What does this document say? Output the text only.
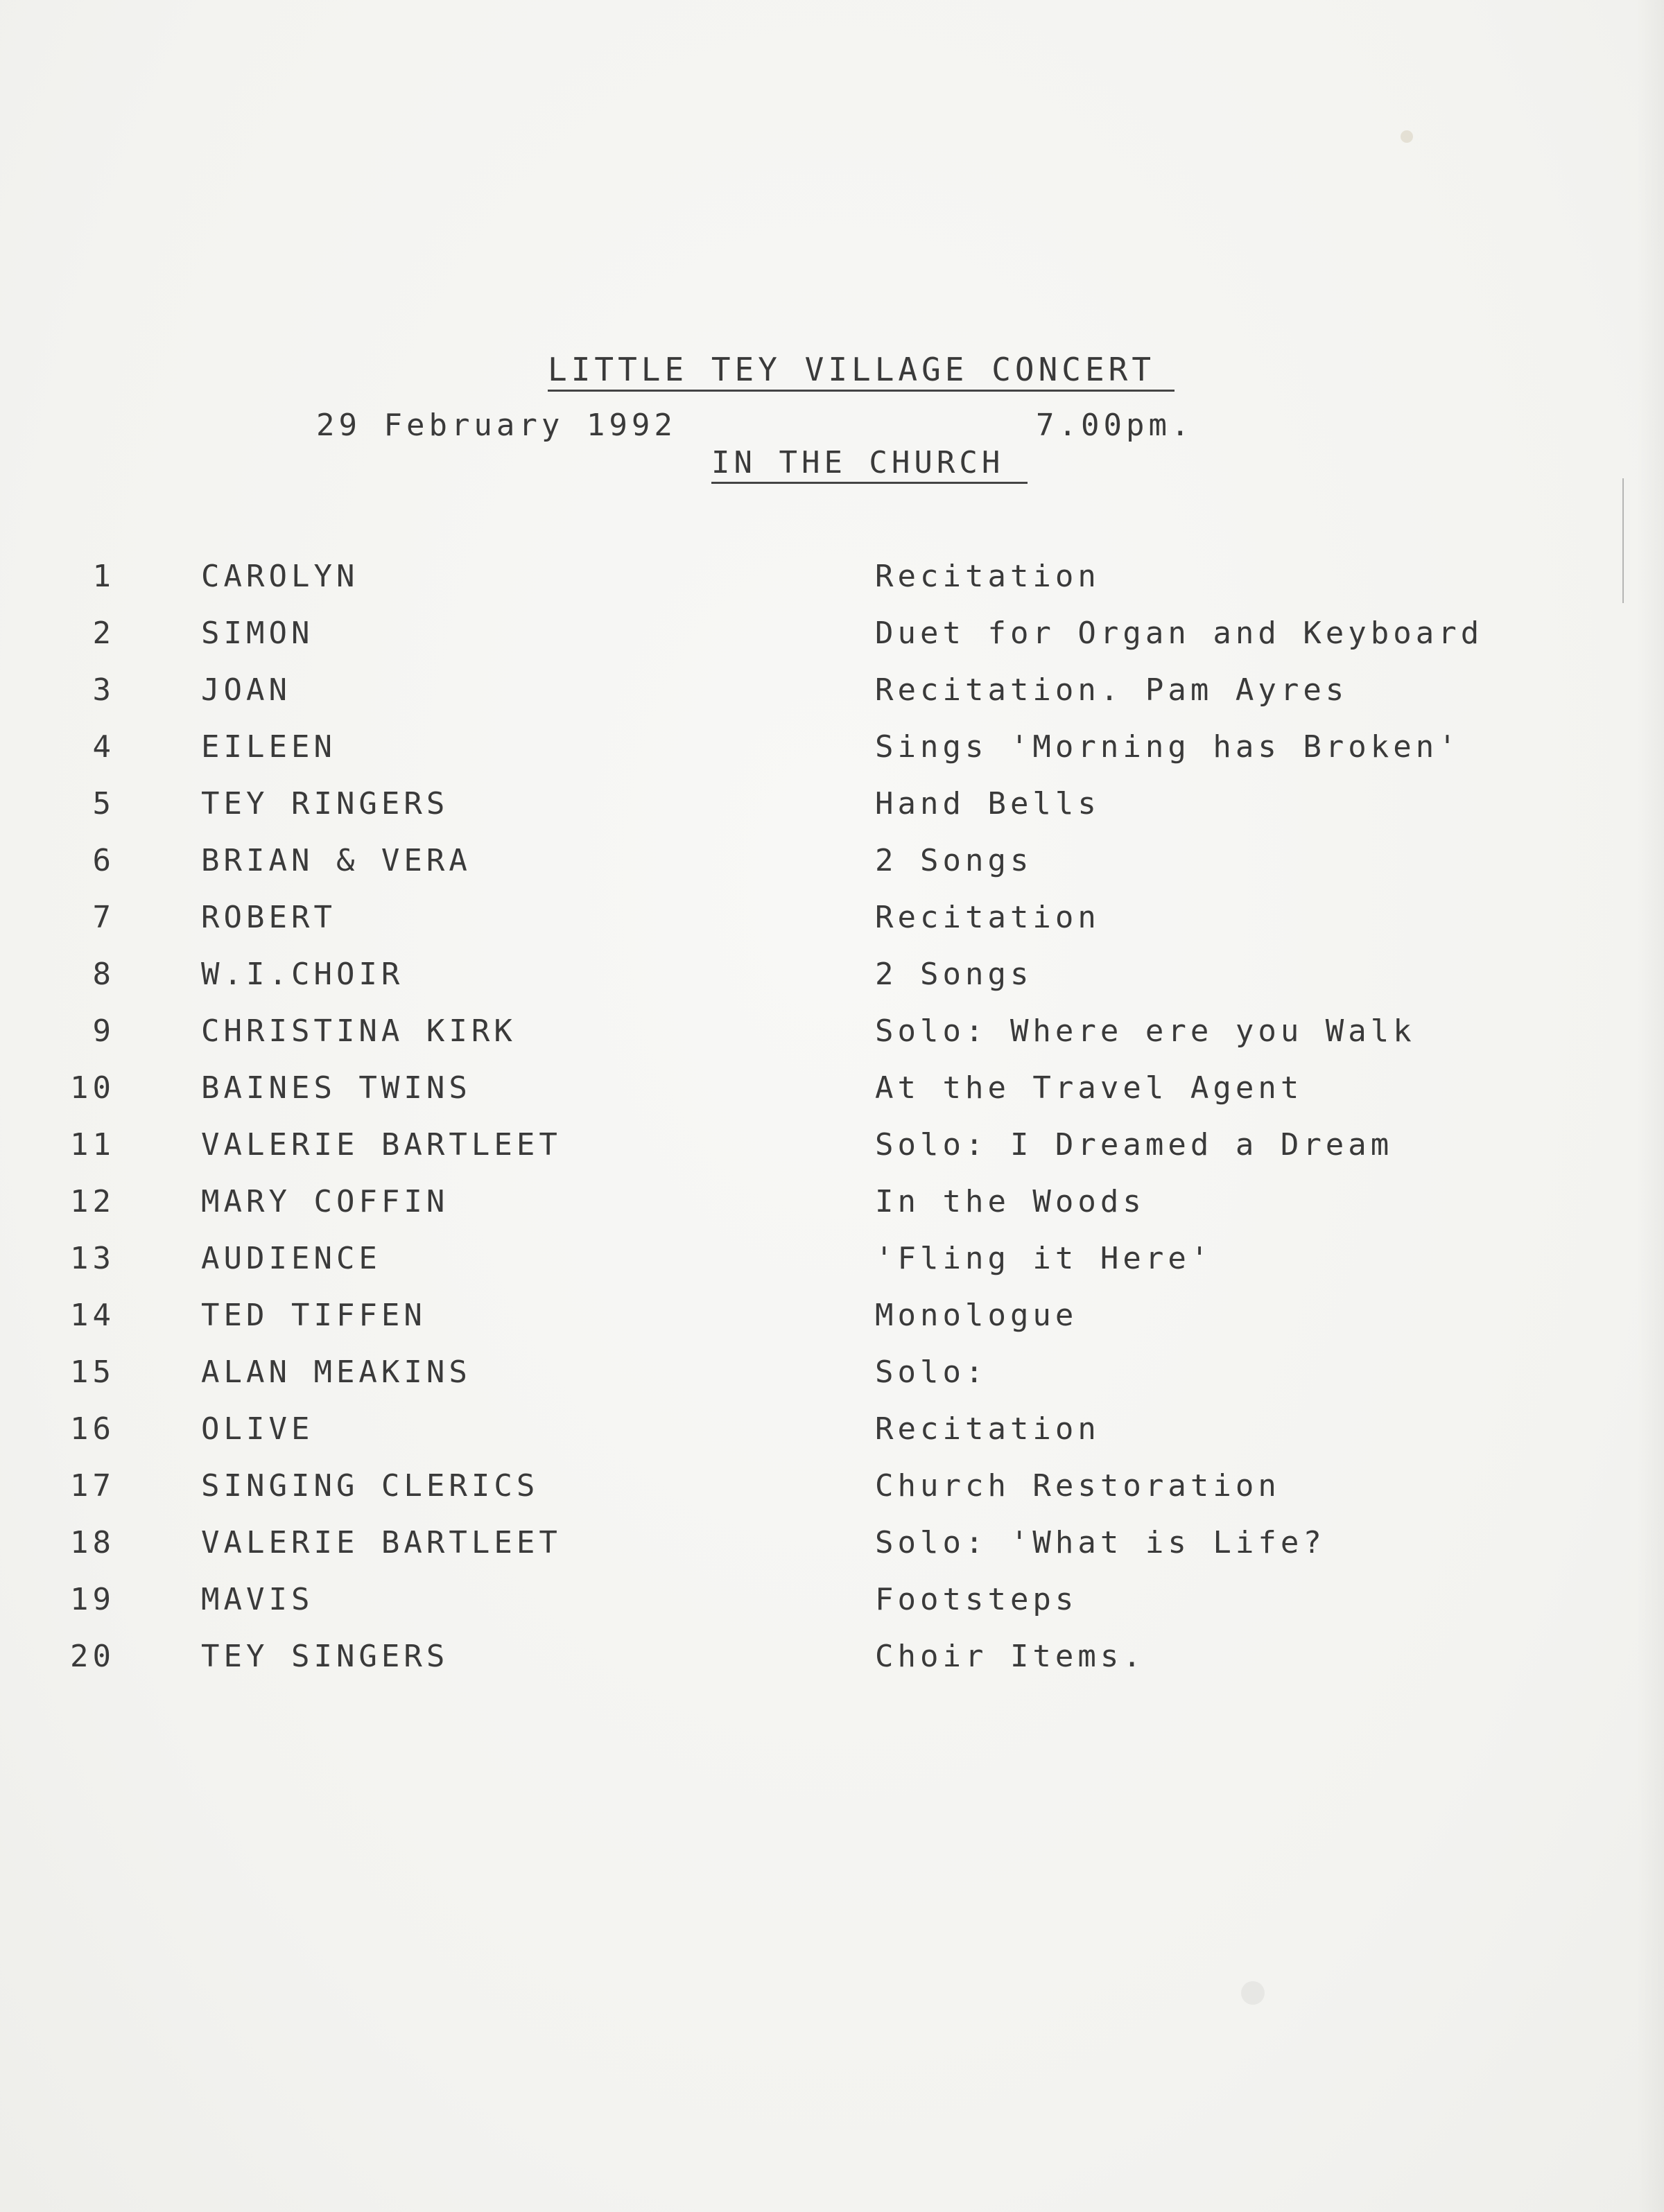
LITTLE TEY VILLAGE CONCERT
29 February 1992	7.00pm.
IN THE CHURCH
1	CAROLYN	Recitation
2	SIMON	Duet for Organ and Keyboard
3	JOAN	Recitation. Pam Ayres
4	EILEEN	Sings 'Morning has Broken'
5	TEY RINGERS	Hand Bells
6	BRIAN & VERA	2 Songs
7	ROBERT	Recitation
8	W.I.CHOIR	2 Songs
9	CHRISTINA KIRK	Solo: Where ere you Walk
10	BAINES TWINS	At the Travel Agent
11	VALERIE BARTLEET	Solo: I Dreamed a Dream
12	MARY COFFIN	In the Woods
13	AUDIENCE	'Fling it Here'
14	TED TIFFEN	Monologue
15	ALAN MEAKINS	Solo:
16	OLIVE	Recitation
17	SINGING CLERICS	Church Restoration
18	VALERIE BARTLEET	Solo: 'What is Life?
19	MAVIS	Footsteps
20	TEY SINGERS	Choir Items.
